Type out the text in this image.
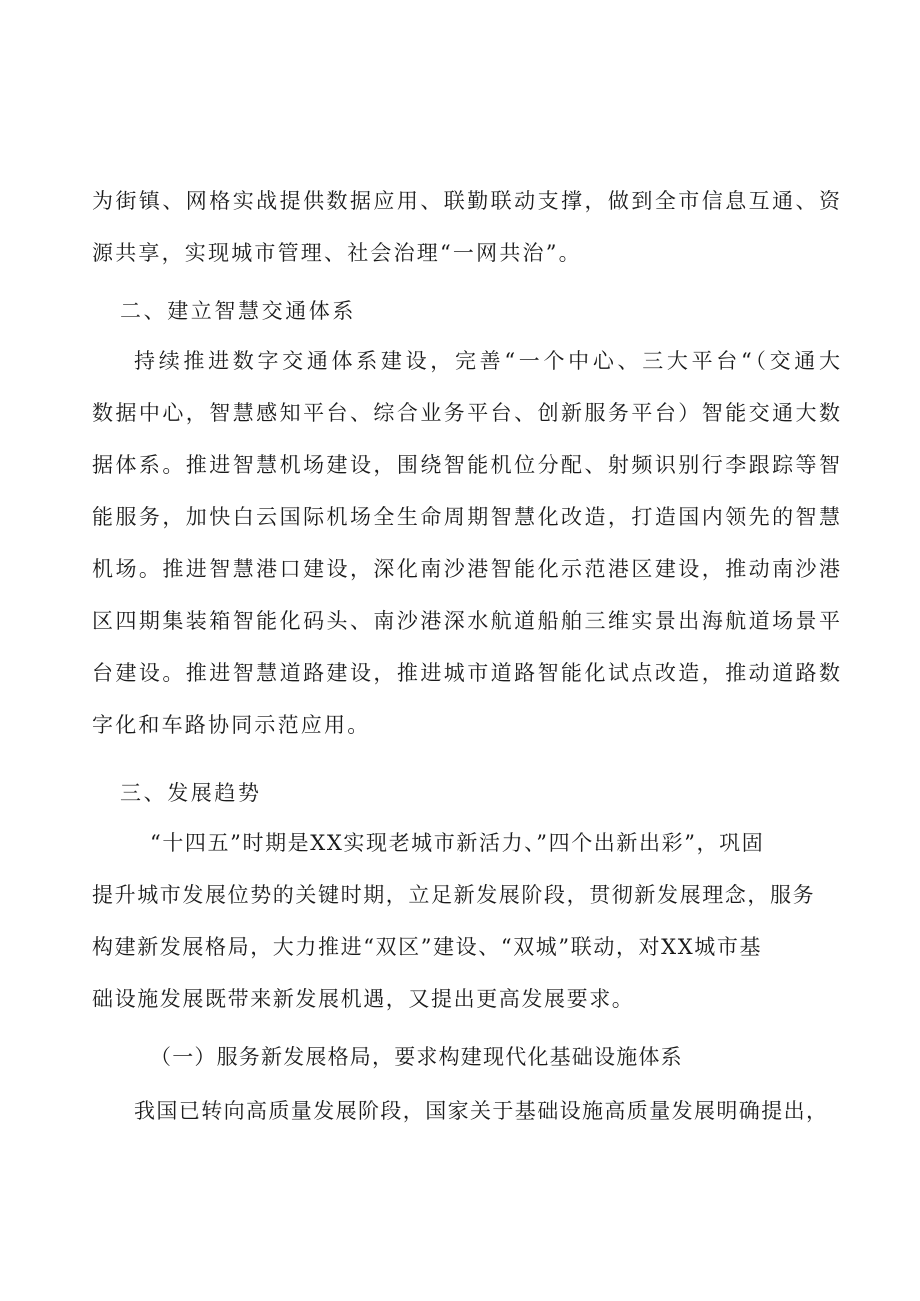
为街镇、网格实战提供数据应用、联勤联动支撑，做到全市信息互通、资
源共享，实现城市管理、社会治理“一网共治”。
二、建立智慧交通体系
持续推进数字交通体系建设，完善“一个中心、三大平台“（交通大
数据中心，智慧感知平台、综合业务平台、创新服务平台）智能交通大数
据体系。推进智慧机场建设，围绕智能机位分配、射频识别行李跟踪等智
能服务，加快白云国际机场全生命周期智慧化改造，打造国内领先的智慧
机场。推进智慧港口建设，深化南沙港智能化示范港区建设，推动南沙港
区四期集装箱智能化码头、南沙港深水航道船舶三维实景出海航道场景平
台建设。推进智慧道路建设，推进城市道路智能化试点改造，推动道路数
字化和车路协同示范应用。
三、发展趋势
“十四五”时期是XX实现老城市新活力、”四个出新出彩”，巩固
提升城市发展位势的关键时期，立足新发展阶段，贯彻新发展理念，服务
构建新发展格局，大力推进“双区”建设、“双城”联动，对XX城市基
础设施发展既带来新发展机遇，又提出更高发展要求。
（一）服务新发展格局，要求构建现代化基础设施体系
我国已转向高质量发展阶段，国家关于基础设施高质量发展明确提出，
